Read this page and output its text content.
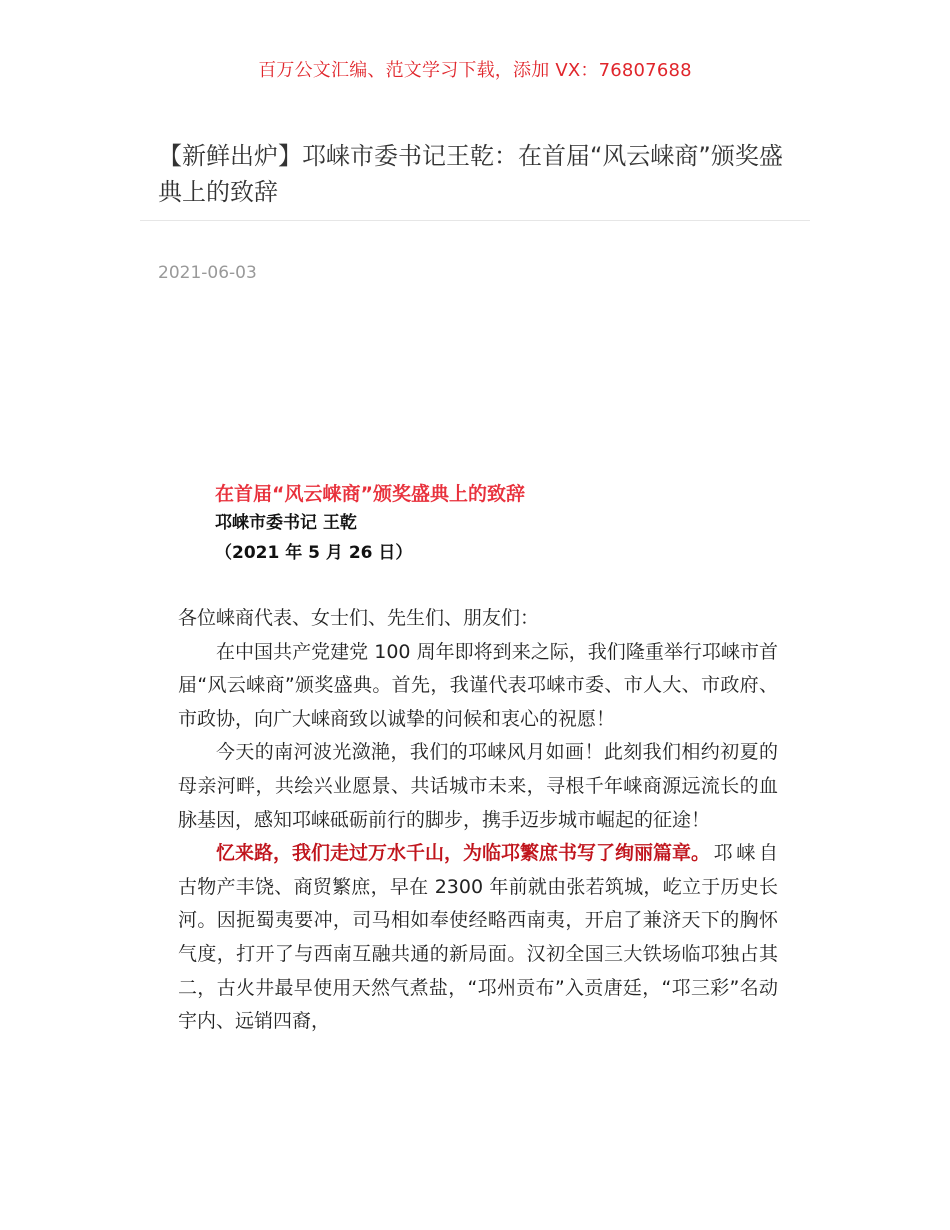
百万公文汇编、范文学习下载，添加 VX：76807688
【新鲜出炉】邛崃市委书记王乾：在首届“风云崃商”颁奖盛典上的致辞
2021-06-03
在首届“风云崃商”颁奖盛典上的致辞
邛崃市委书记 王乾
（2021 年 5 月 26 日）

各位崃商代表、女士们、先生们、朋友们：

在中国共产党建党 100 周年即将到来之际，我们隆重举行邛崃市首届“风云崃商”颁奖盛典。首先，我谨代表邛崃市委、市人大、市政府、市政协，向广大崃商致以诚挚的问候和衷心的祝愿！

今天的南河波光潋滟，我们的邛崃风月如画！此刻我们相约初夏的母亲河畔，共绘兴业愿景、共话城市未来，寻根千年崃商源远流长的血脉基因，感知邛崃砥砺前行的脚步，携手迈步城市崛起的征途！

忆来路，我们走过万水千山，为临邛繁庶书写了绚丽篇章。邛崃自古物产丰饶、商贸繁庶，早在 2300 年前就由张若筑城，屹立于历史长河。因扼蜀夷要冲，司马相如奉使经略西南夷，开启了兼济天下的胸怀气度，打开了与西南互融共通的新局面。汉初全国三大铁场临邛独占其二，古火井最早使用天然气煮盐，“邛州贡布”入贡唐廷，“邛三彩”名动宇内、远销四裔，
